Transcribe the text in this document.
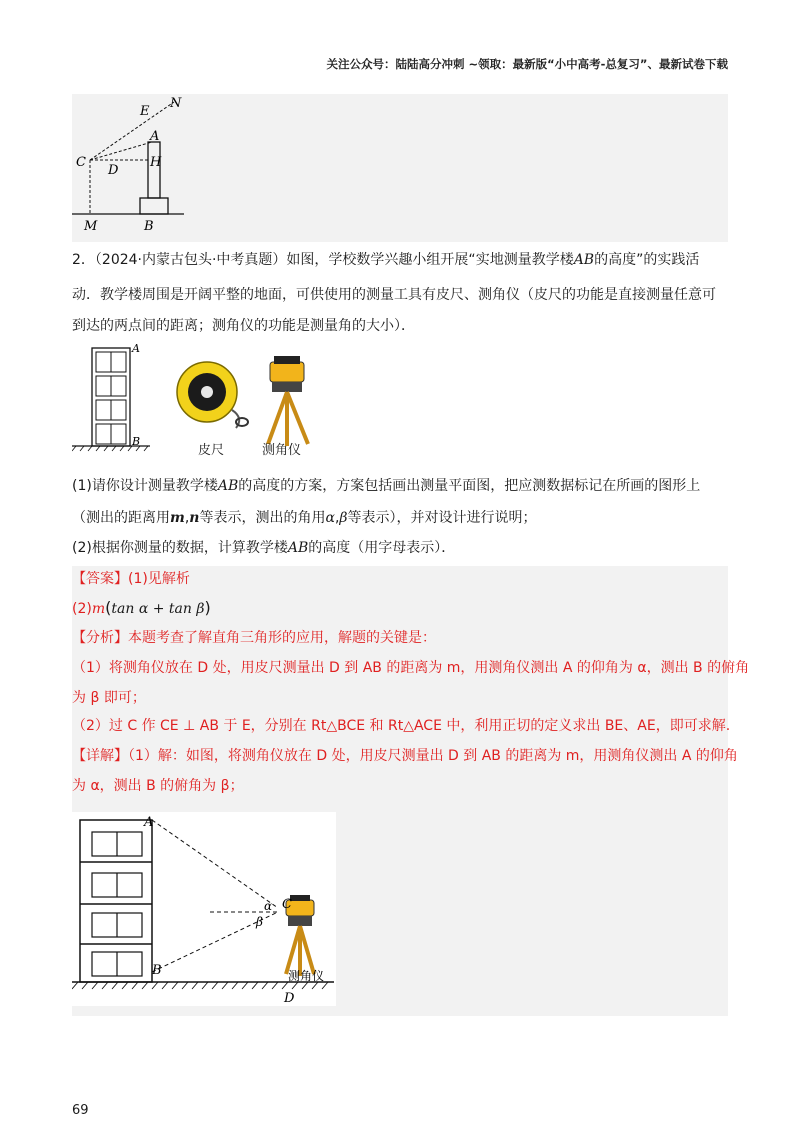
关注公众号：陆陆高分冲刺 ~领取：最新版“小中高考-总复习”、最新试卷下载
E
N
A
C
D
H
M	B
2．（2024·内蒙古包头·中考真题）如图，学校数学兴趣小组开展“实地测量教学楼AB的高度”的实践活
动．教学楼周围是开阔平整的地面，可供使用的测量工具有皮尺、测角仪（皮尺的功能是直接测量任意可
到达的两点间的距离；测角仪的功能是测量角的大小）．
A
B
皮尺	测角仪
(1)请你设计测量教学楼AB的高度的方案，方案包括画出测量平面图，把应测数据标记在所画的图形上
（测出的距离用m,n等表示，测出的角用α,β等表示），并对设计进行说明；
(2)根据你测量的数据，计算教学楼AB的高度（用字母表示）．
【答案】(1)见解析
(2)m(tan α + tan β)
【分析】本题考查了解直角三角形的应用，解题的关键是：
（1）将测角仪放在 D 处，用皮尺测量出 D 到 AB 的距离为 m，用测角仪测出 A 的仰角为 α，测出 B 的俯角
为 β 即可；
（2）过 C 作 CE ⊥ AB 于 E，分别在 Rt△BCE 和 Rt△ACE 中，利用正切的定义求出 BE、AE，即可求解.
【详解】（1）解：如图，将测角仪放在 D 处，用皮尺测量出 D 到 AB 的距离为 m，用测角仪测出 A 的仰角
为 α，测出 B 的俯角为 β；
A
B
C
α
β
D
测角仪
69
